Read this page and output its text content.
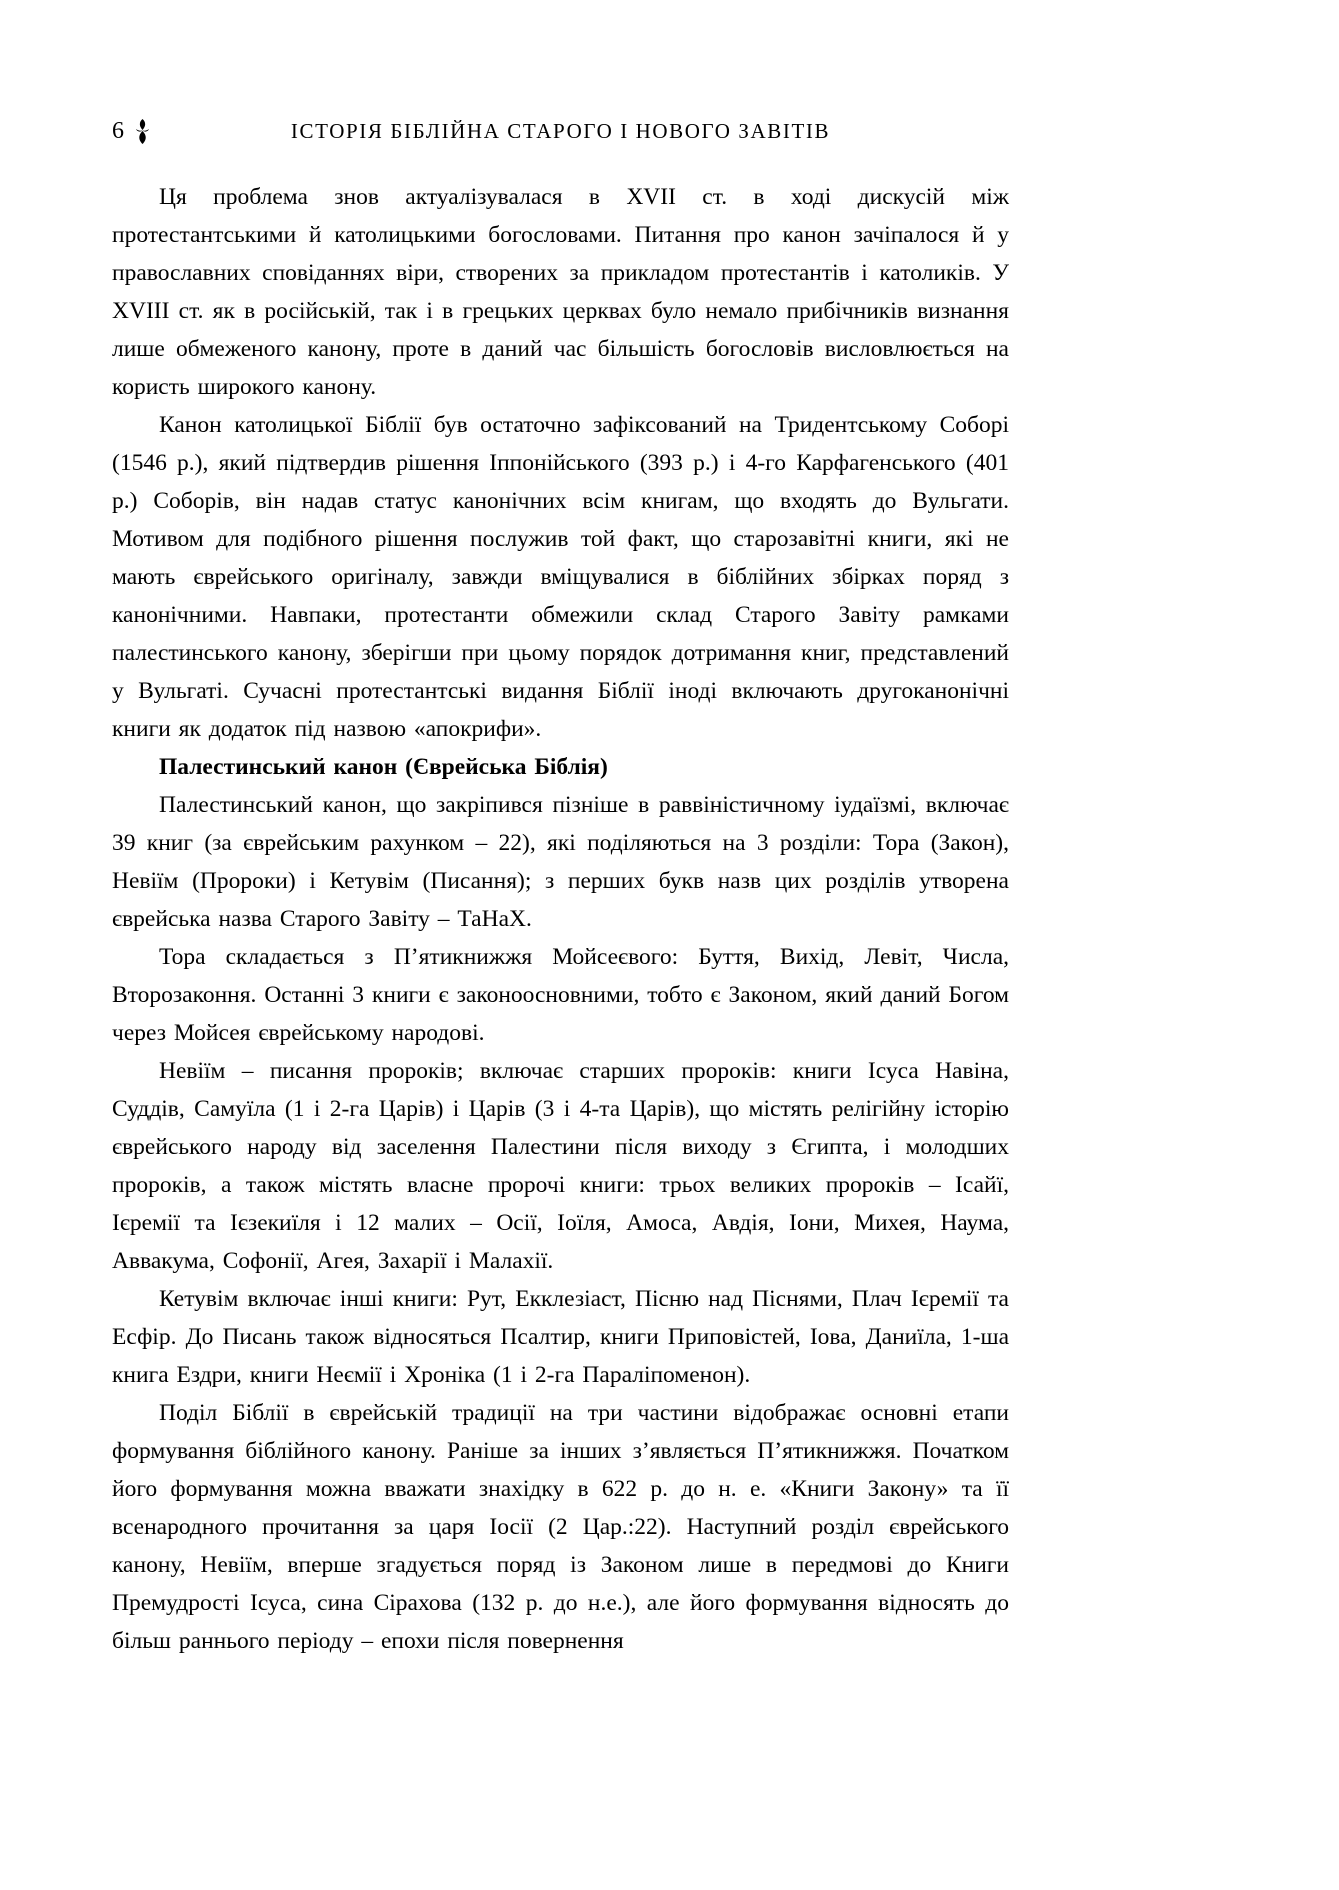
6	ІСТОРІЯ БІБЛІЙНА СТАРОГО І НОВОГО ЗАВІТІВ

Ця проблема знов актуалізувалася в XVII ст. в ході дискусій між протестантськими й католицькими богословами. Питання про канон зачіпалося й у православних сповіданнях віри, створених за прикладом протестантів і католиків. У XVIII ст. як в російській, так і в грецьких церквах було немало прибічників визнання лише обмеженого канону, проте в даний час більшість богословів висловлюється на користь широкого канону.

Канон католицької Біблії був остаточно зафіксований на Тридентському Соборі (1546 р.), який підтвердив рішення Іппонійського (393 р.) і 4-го Карфагенського (401 р.) Соборів, він надав статус канонічних всім книгам, що входять до Вульгати. Мотивом для подібного рішення послужив той факт, що старозавітні книги, які не мають єврейського оригіналу, завжди вміщувалися в біблійних збірках поряд з канонічними. Навпаки, протестанти обмежили склад Старого Завіту рамками палестинського канону, зберігши при цьому порядок дотримання книг, представлений у Вульгаті. Сучасні протестантські видання Біблії іноді включають другоканонічні книги як додаток під назвою «апокрифи».

Палестинський канон (Єврейська Біблія)

Палестинський канон, що закріпився пізніше в раввіністичному іудаїзмі, включає 39 книг (за єврейським рахунком – 22), які поділяються на 3 розділи: Тора (Закон), Невіїм (Пророки) і Кетувім (Писання); з перших букв назв цих розділів утворена єврейська назва Старого Завіту – ТаНаХ.

Тора складається з П’ятикнижжя Мойсеєвого: Буття, Вихід, Левіт, Числа, Второзаконня. Останні 3 книги є законоосновними, тобто є Законом, який даний Богом через Мойсея єврейському народові.

Невіїм – писання пророків; включає старших пророків: книги Ісуса Навіна, Суддів, Самуїла (1 і 2-га Царів) і Царів (3 і 4-та Царів), що містять релігійну історію єврейського народу від заселення Палестини після виходу з Єгипта, і молодших пророків, а також містять власне пророчі книги: трьох великих пророків – Ісайї, Ієремії та Ієзекиїля і 12 малих – Осії, Іоїля, Амоса, Авдія, Іони, Михея, Наума, Аввакума, Софонії, Агея, Захарії і Малахії.

Кетувім включає інші книги: Рут, Екклезіаст, Пісню над Піснями, Плач Ієремії та Есфір. До Писань також відносяться Псалтир, книги Приповістей, Іова, Даниїла, 1-ша книга Ездри, книги Неємії і Хроніка (1 і 2-га Параліпоменон).

Поділ Біблії в єврейській традиції на три частини відображає основні етапи формування біблійного канону. Раніше за інших з’являється П’ятикнижжя. Початком його формування можна вважати знахідку в 622 р. до н. е. «Книги Закону» та її всенародного прочитання за царя Іосії (2 Цар.:22). Наступний розділ єврейського канону, Невіїм, вперше згадується поряд із Законом лише в передмові до Книги Премудрості Ісуса, сина Сірахова (132 р. до н.е.), але його формування відносять до більш раннього періоду – епохи після повернення
